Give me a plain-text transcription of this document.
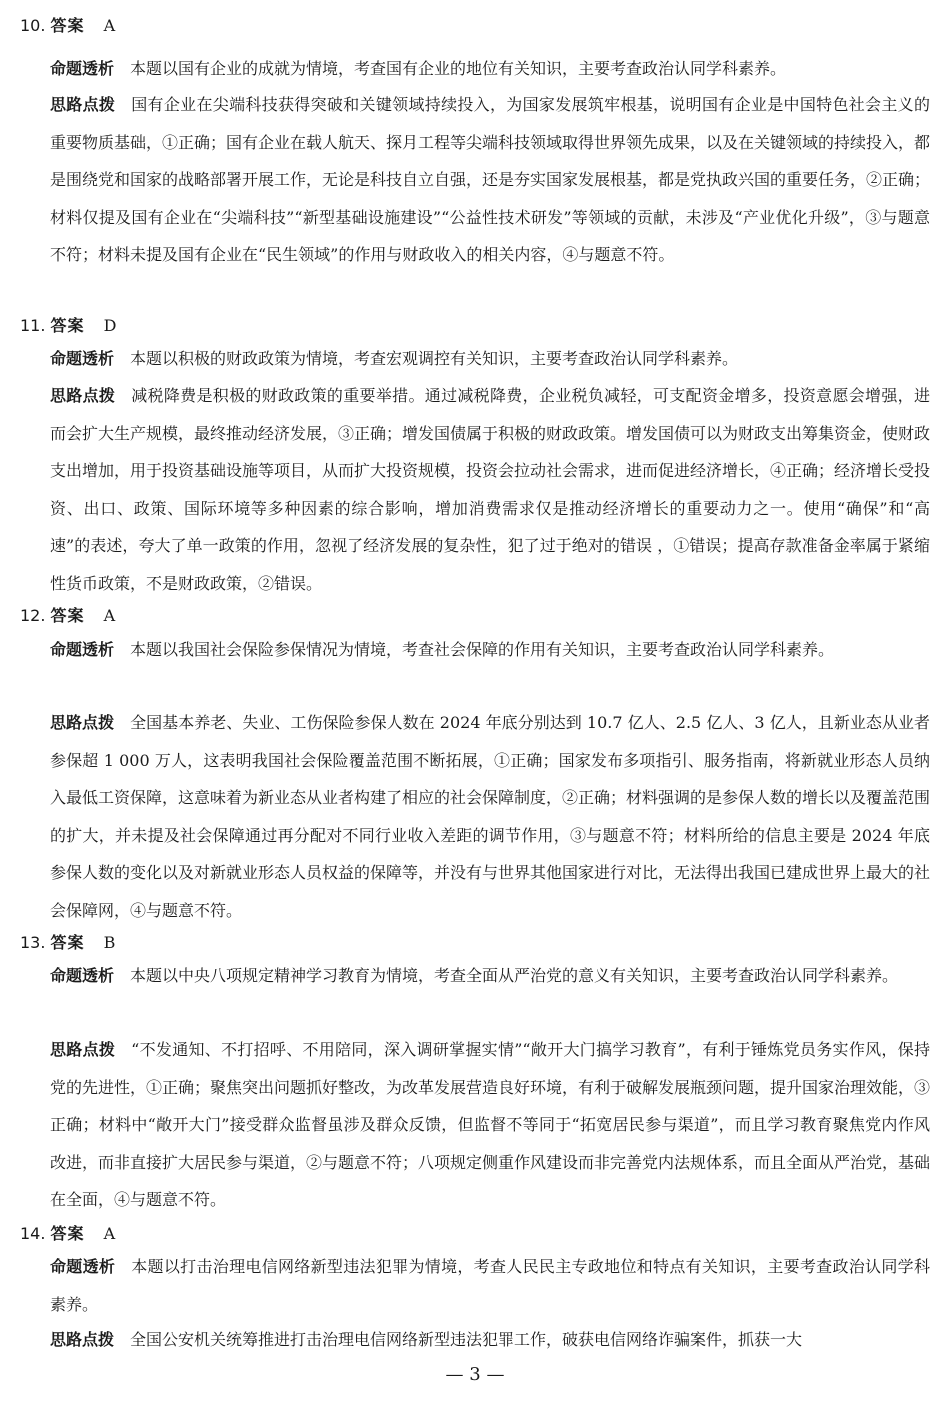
10. 答案 A

命题透析 本题以国有企业的成就为情境，考查国有企业的地位有关知识，主要考查政治认同学科素养。

思路点拨 国有企业在尖端科技获得突破和关键领域持续投入，为国家发展筑牢根基，说明国有企业是中国特色社会主义的重要物质基础，①正确；国有企业在载人航天、探月工程等尖端科技领域取得世界领先成果，以及在关键领域的持续投入，都是围绕党和国家的战略部署开展工作，无论是科技自立自强，还是夯实国家发展根基，都是党执政兴国的重要任务，②正确；材料仅提及国有企业在“尖端科技”“新型基础设施建设”“公益性技术研发”等领域的贡献，未涉及“产业优化升级”，③与题意不符；材料未提及国有企业在“民生领域”的作用与财政收入的相关内容，④与题意不符。

11. 答案 D

命题透析 本题以积极的财政政策为情境，考查宏观调控有关知识，主要考查政治认同学科素养。

思路点拨 减税降费是积极的财政政策的重要举措。通过减税降费，企业税负减轻，可支配资金增多，投资意愿会增强，进而会扩大生产规模，最终推动经济发展，③正确；增发国债属于积极的财政政策。增发国债可以为财政支出筹集资金，使财政支出增加，用于投资基础设施等项目，从而扩大投资规模，投资会拉动社会需求，进而促进经济增长，④正确；经济增长受投资、出口、政策、国际环境等多种因素的综合影响，增加消费需求仅是推动经济增长的重要动力之一。使用“确保”和“高速”的表述，夸大了单一政策的作用，忽视了经济发展的复杂性，犯了过于绝对的错误 ，①错误；提高存款准备金率属于紧缩性货币政策，不是财政政策，②错误。

12. 答案 A

命题透析 本题以我国社会保险参保情况为情境，考查社会保障的作用有关知识，主要考查政治认同学科素养。

思路点拨 全国基本养老、失业、工伤保险参保人数在 2024 年底分别达到 10.7 亿人、2.5 亿人、3 亿人，且新业态从业者参保超 1 000 万人，这表明我国社会保险覆盖范围不断拓展，①正确；国家发布多项指引、服务指南，将新就业形态人员纳入最低工资保障，这意味着为新业态从业者构建了相应的社会保障制度，②正确；材料强调的是参保人数的增长以及覆盖范围的扩大，并未提及社会保障通过再分配对不同行业收入差距的调节作用，③与题意不符；材料所给的信息主要是 2024 年底参保人数的变化以及对新就业形态人员权益的保障等，并没有与世界其他国家进行对比，无法得出我国已建成世界上最大的社会保障网，④与题意不符。

13. 答案 B

命题透析 本题以中央八项规定精神学习教育为情境，考查全面从严治党的意义有关知识，主要考查政治认同学科素养。

思路点拨 “不发通知、不打招呼、不用陪同，深入调研掌握实情”“敞开大门搞学习教育”，有利于锤炼党员务实作风，保持党的先进性，①正确；聚焦突出问题抓好整改，为改革发展营造良好环境，有利于破解发展瓶颈问题，提升国家治理效能，③正确；材料中“敞开大门”接受群众监督虽涉及群众反馈，但监督不等同于“拓宽居民参与渠道”，而且学习教育聚焦党内作风改进，而非直接扩大居民参与渠道，②与题意不符；八项规定侧重作风建设而非完善党内法规体系，而且全面从严治党，基础在全面，④与题意不符。

14. 答案 A

命题透析 本题以打击治理电信网络新型违法犯罪为情境，考查人民民主专政地位和特点有关知识，主要考查政治认同学科素养。

思路点拨 全国公安机关统筹推进打击治理电信网络新型违法犯罪工作，破获电信网络诈骗案件，抓获一大

— 3 —
